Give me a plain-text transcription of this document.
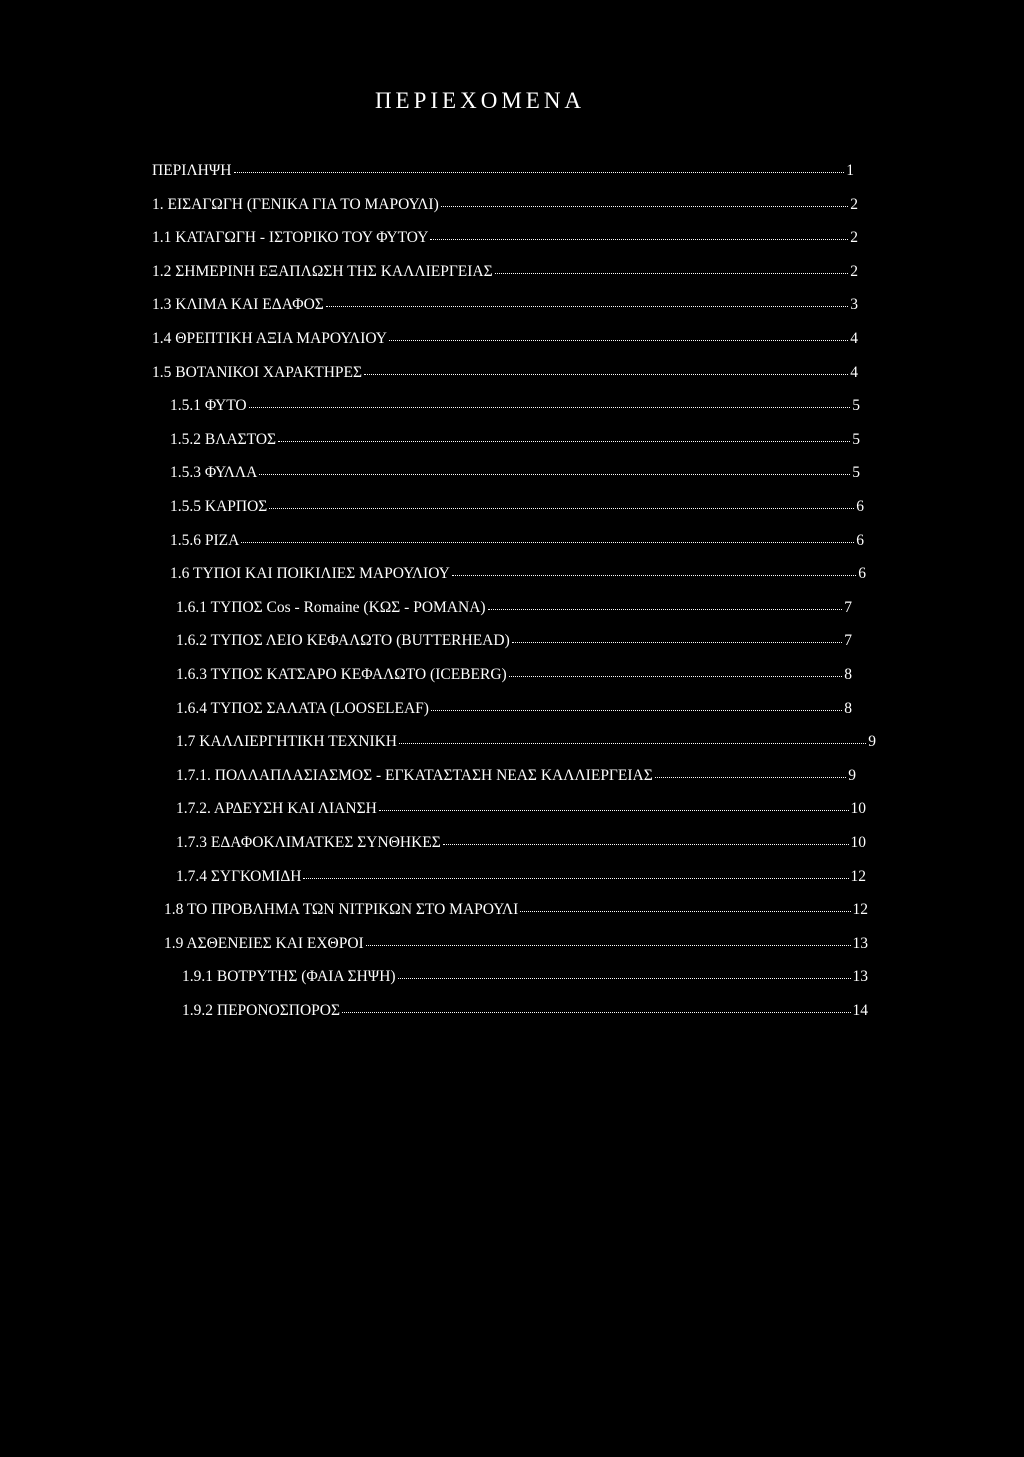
ΠΕΡΙΕΧΟΜΕΝΑ
ΠΕΡΙΛΗΨΗ	1
1. ΕΙΣΑΓΩΓΗ (ΓΕΝΙΚΑ ΓΙΑ ΤΟ ΜΑΡΟΥΛΙ)	2
1.1 ΚΑΤΑΓΩΓΗ - ΙΣΤΟΡΙΚΟ ΤΟΥ ΦΥΤΟΥ	2
1.2 ΣΗΜΕΡΙΝΗ ΕΞΑΠΛΩΣΗ ΤΗΣ ΚΑΛΛΙΕΡΓΕΙΑΣ	2
1.3 ΚΛΙΜΑ ΚΑΙ ΕΔΑΦΟΣ	3
1.4 ΘΡΕΠΤΙΚΗ ΑΞΙΑ ΜΑΡΟΥΛΙΟΥ	4
1.5 ΒΟΤΑΝΙΚΟΙ ΧΑΡΑΚΤΗΡΕΣ	4
1.5.1 ΦΥΤΟ	5
1.5.2 ΒΛΑΣΤΟΣ	5
1.5.3 ΦΥΛΛΑ	5
1.5.5 ΚΑΡΠΟΣ	6
1.5.6 ΡΙΖΑ	6
1.6 ΤΥΠΟΙ ΚΑΙ ΠΟΙΚΙΛΙΕΣ ΜΑΡΟΥΛΙΟΥ	6
1.6.1 ΤΥΠΟΣ Cos - Romaine (ΚΩΣ - ΡΟΜΑΝΑ)	7
1.6.2 ΤΥΠΟΣ ΛΕΙΟ ΚΕΦΑΛΩΤΟ (BUTTERHEAD)	7
1.6.3 ΤΥΠΟΣ ΚΑΤΣΑΡΟ ΚΕΦΑΛΩΤΟ (ICEBERG)	8
1.6.4 ΤΥΠΟΣ ΣΑΛΑΤΑ (LOOSELEAF)	8
1.7 ΚΑΛΛΙΕΡΓΗΤΙΚΗ ΤΕΧΝΙΚΗ	9
1.7.1. ΠΟΛΛΑΠΛΑΣΙΑΣΜΟΣ - ΕΓΚΑΤΑΣΤΑΣΗ ΝΕΑΣ ΚΑΛΛΙΕΡΓΕΙΑΣ	9
1.7.2. ΑΡΔΕΥΣΗ ΚΑΙ ΛΙΑΝΣΗ	10
1.7.3 ΕΔΑΦΟΚΛΙΜΑΤΚΕΣ ΣΥΝΘΗΚΕΣ	10
1.7.4 ΣΥΓΚΟΜΙΔΗ	12
1.8 ΤΟ ΠΡΟΒΛΗΜΑ ΤΩΝ ΝΙΤΡΙΚΩΝ ΣΤΟ ΜΑΡΟΥΛΙ	12
1.9 ΑΣΘΕΝΕΙΕΣ ΚΑΙ ΕΧΘΡΟΙ	13
1.9.1 ΒΟΤΡΥΤΗΣ (ΦΑΙΑ ΣΗΨΗ)	13
1.9.2 ΠΕΡΟΝΟΣΠΟΡΟΣ	14
